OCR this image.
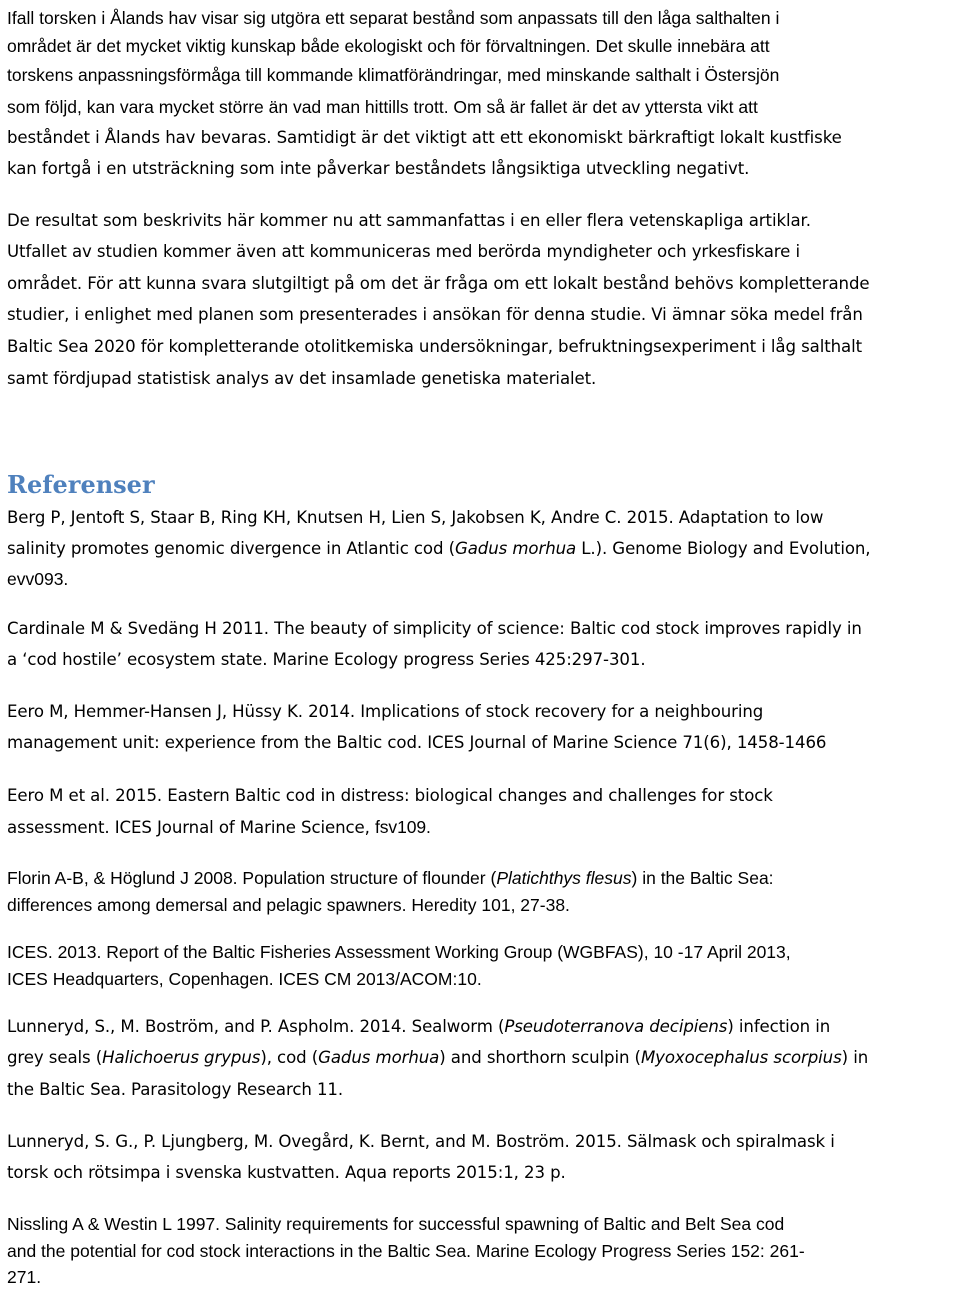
Ifall torsken i Ålands hav visar sig utgöra ett separat bestånd som anpassats till den låga salthalten i
området är det mycket viktig kunskap både ekologiskt och för förvaltningen. Det skulle innebära att
torskens anpassningsförmåga till kommande klimatförändringar, med minskande salthalt i Östersjön
som följd, kan vara mycket större än vad man hittills trott. Om så är fallet är det av yttersta vikt att
beståndet i Ålands hav bevaras. Samtidigt är det viktigt att ett ekonomiskt bärkraftigt lokalt kustfiske
kan fortgå i en utsträckning som inte påverkar beståndets långsiktiga utveckling negativt.
De resultat som beskrivits här kommer nu att sammanfattas i en eller flera vetenskapliga artiklar.
Utfallet av studien kommer även att kommuniceras med berörda myndigheter och yrkesfiskare i
området. För att kunna svara slutgiltigt på om det är fråga om ett lokalt bestånd behövs kompletterande
studier, i enlighet med planen som presenterades i ansökan för denna studie. Vi ämnar söka medel från
Baltic Sea 2020 för kompletterande otolitkemiska undersökningar, befruktningsexperiment i låg salthalt
samt fördjupad statistisk analys av det insamlade genetiska materialet.
Referenser
Berg P, Jentoft S, Staar B, Ring KH, Knutsen H, Lien S, Jakobsen K, Andre C. 2015. Adaptation to low
salinity promotes genomic divergence in Atlantic cod (Gadus morhua L.). Genome Biology and Evolution,
evv093.
Cardinale M & Svedäng H 2011. The beauty of simplicity of science: Baltic cod stock improves rapidly in
a ‘cod hostile’ ecosystem state. Marine Ecology progress Series 425:297-301.
Eero M, Hemmer-Hansen J, Hüssy K. 2014. Implications of stock recovery for a neighbouring
management unit: experience from the Baltic cod. ICES Journal of Marine Science 71(6), 1458-1466
Eero M et al. 2015. Eastern Baltic cod in distress: biological changes and challenges for stock
assessment. ICES Journal of Marine Science, fsv109.
Florin A-B, & Höglund J 2008. Population structure of flounder (Platichthys flesus) in the Baltic Sea:
differences among demersal and pelagic spawners. Heredity 101, 27-38.
ICES. 2013. Report of the Baltic Fisheries Assessment Working Group (WGBFAS), 10 -17 April 2013,
ICES Headquarters, Copenhagen. ICES CM 2013/ACOM:10.
Lunneryd, S., M. Boström, and P. Aspholm. 2014. Sealworm (Pseudoterranova decipiens) infection in
grey seals (Halichoerus grypus), cod (Gadus morhua) and shorthorn sculpin (Myoxocephalus scorpius) in
the Baltic Sea. Parasitology Research 11.
Lunneryd, S. G., P. Ljungberg, M. Ovegård, K. Bernt, and M. Boström. 2015. Sälmask och spiralmask i
torsk och rötsimpa i svenska kustvatten. Aqua reports 2015:1, 23 p.
Nissling A & Westin L 1997. Salinity requirements for successful spawning of Baltic and Belt Sea cod
and the potential for cod stock interactions in the Baltic Sea. Marine Ecology Progress Series 152: 261-
271.
